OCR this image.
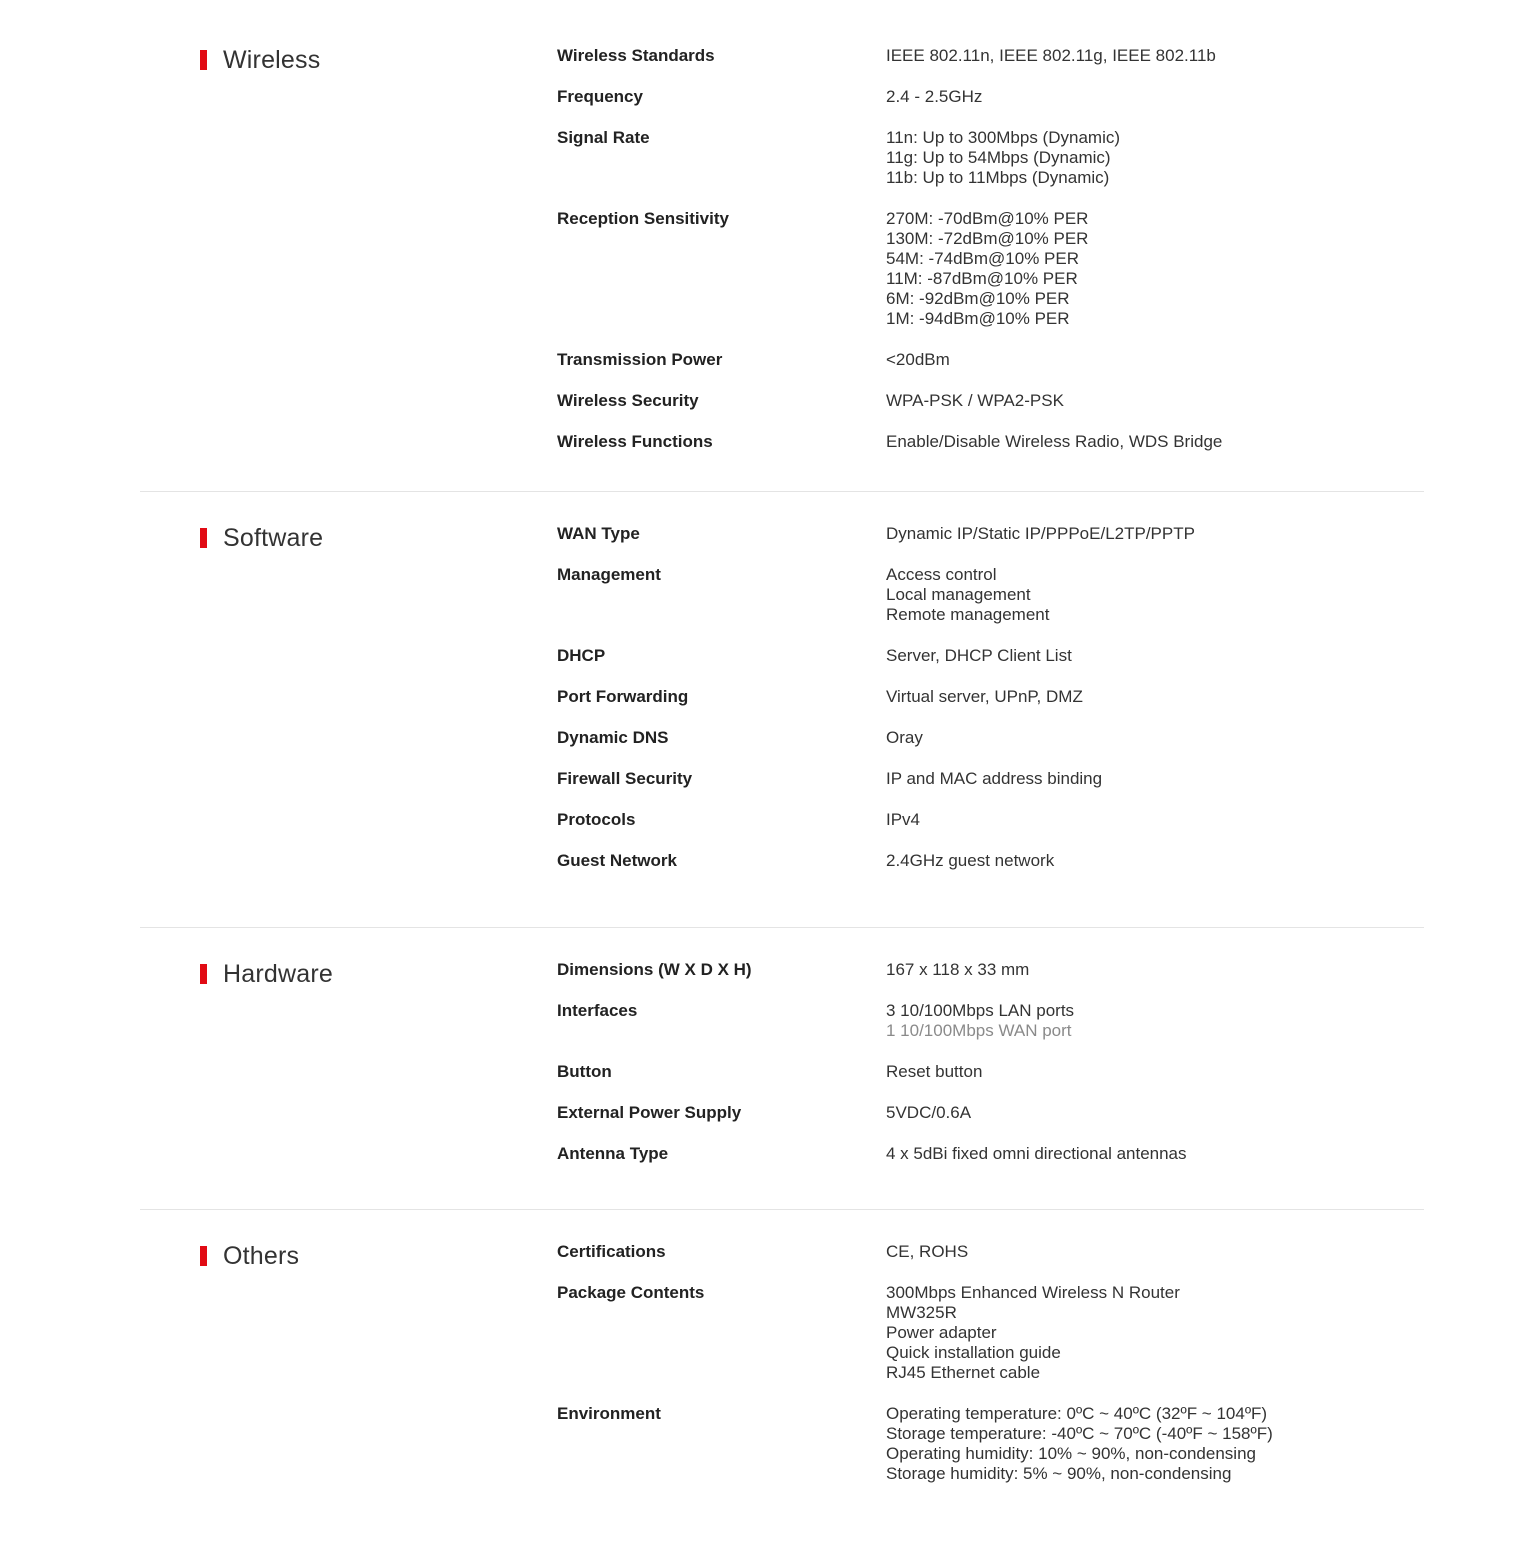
Wireless	Wireless Standards	IEEE 802.11n, IEEE 802.11g, IEEE 802.11b
Frequency	2.4 - 2.5GHz
Signal Rate	11n: Up to 300Mbps (Dynamic)
11g: Up to 54Mbps (Dynamic)
11b: Up to 11Mbps (Dynamic)
Reception Sensitivity	270M: -70dBm@10% PER
130M: -72dBm@10% PER
54M: -74dBm@10% PER
11M: -87dBm@10% PER
6M: -92dBm@10% PER
1M: -94dBm@10% PER
Transmission Power	<20dBm
Wireless Security	WPA-PSK / WPA2-PSK
Wireless Functions	Enable/Disable Wireless Radio, WDS Bridge
Software	WAN Type	Dynamic IP/Static IP/PPPoE/L2TP/PPTP
Management	Access control
Local management
Remote management
DHCP	Server, DHCP Client List
Port Forwarding	Virtual server, UPnP, DMZ
Dynamic DNS	Oray
Firewall Security	IP and MAC address binding
Protocols	IPv4
Guest Network	2.4GHz guest network
Hardware	Dimensions (W X D X H)	167 x 118 x 33 mm
Interfaces	3 10/100Mbps LAN ports
1 10/100Mbps WAN port
Button	Reset button
External Power Supply	5VDC/0.6A
Antenna Type	4 x 5dBi fixed omni directional antennas
Others	Certifications	CE, ROHS
Package Contents	300Mbps Enhanced Wireless N Router
MW325R
Power adapter
Quick installation guide
RJ45 Ethernet cable
Environment	Operating temperature: 0ºC ~ 40ºC (32ºF ~ 104ºF)
Storage temperature: -40ºC ~ 70ºC (-40ºF ~ 158ºF)
Operating humidity: 10% ~ 90%, non-condensing
Storage humidity: 5% ~ 90%, non-condensing
